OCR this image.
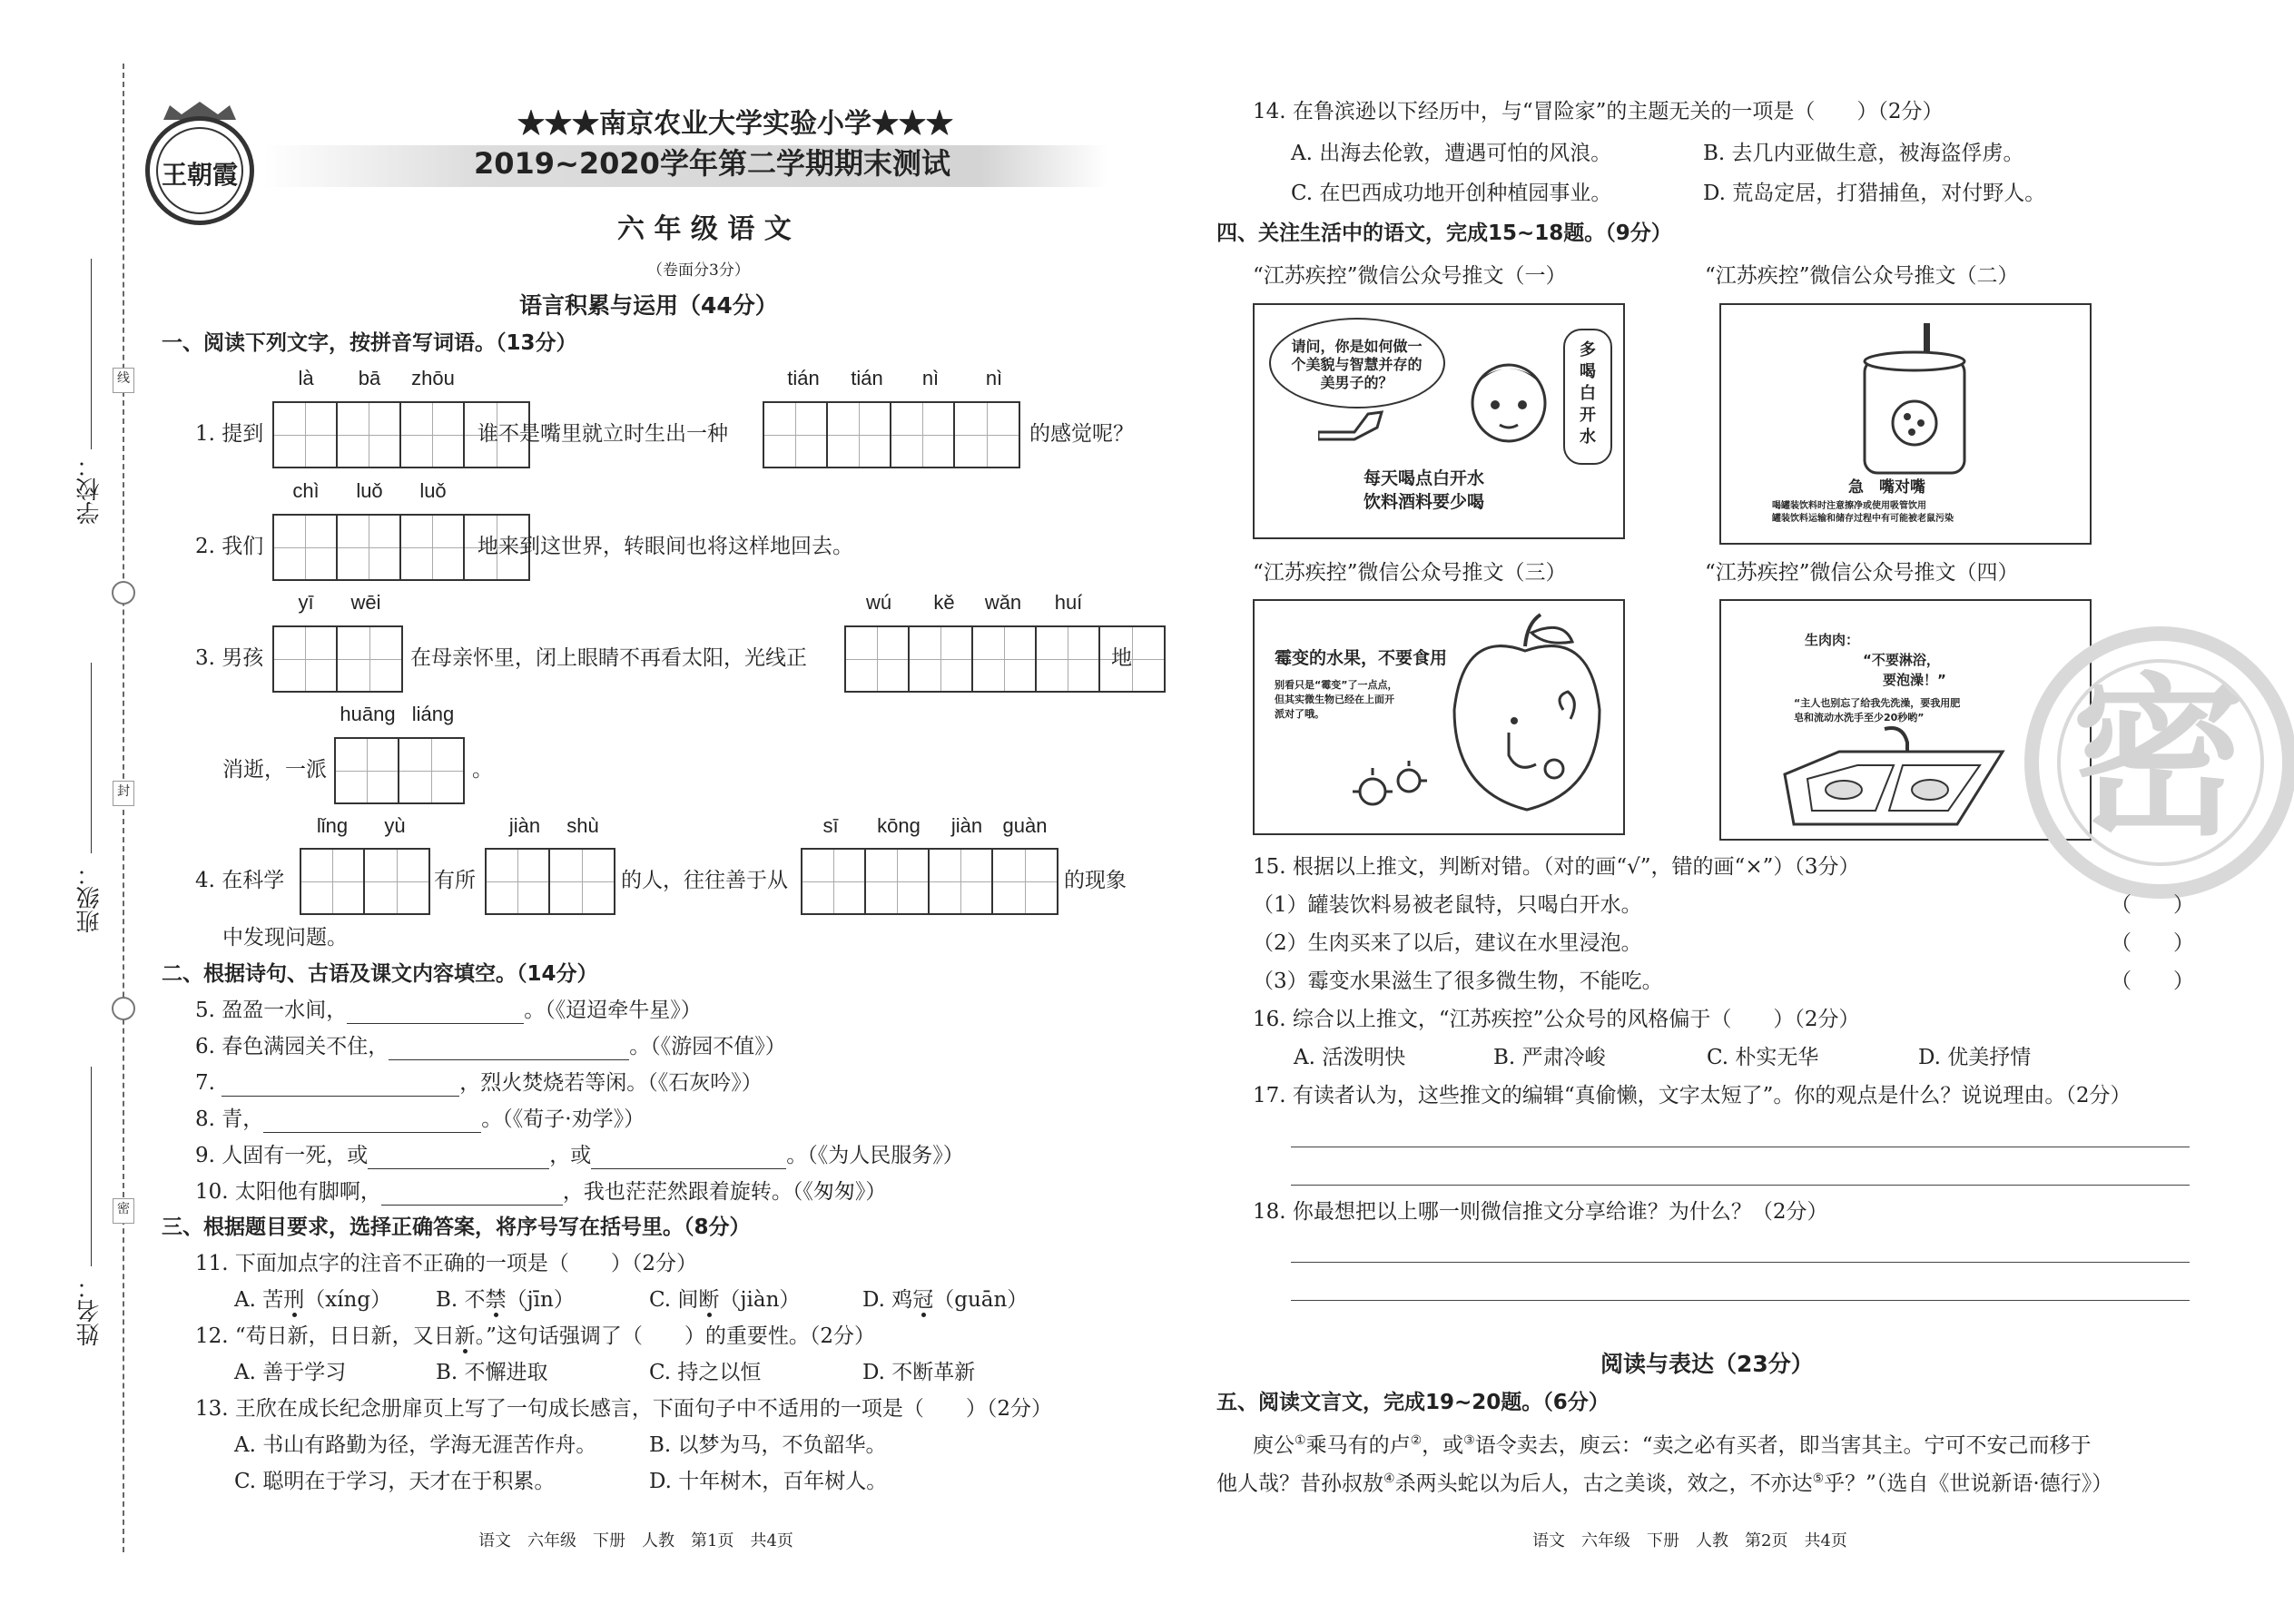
学校：
班级：
姓名：
线
封
密
王朝霞
★★★南京农业大学实验小学★★★
2019~2020学年第二学期期末测试
六 年 级 语 文
（卷面分3分）
语言积累与运用（44分）
一、阅读下列文字，按拼音写词语。（13分）
là	bā	zhōu
1. 提到	谁不是嘴里就立时生出一种
tián	tián	nì	nì
的感觉呢？
chì	luǒ	luǒ
2. 我们	地来到这世界，转眼间也将这样地回去。
yī	wēi
3. 男孩	在母亲怀里，闭上眼睛不再看太阳，光线正
wú	kě	wǎn	huí
地
huāng liáng
消逝，一派	。
lǐng	yù
4. 在科学	有所
jiàn	shù
的人，往往善于从
sī	kōng	jiàn	guàn
的现象
中发现问题。
二、根据诗句、古语及课文内容填空。（14分）
5. 盈盈一水间，	。（《迢迢牵牛星》）
6. 春色满园关不住，	。（《游园不值》）
7.	，烈火焚烧若等闲。（《石灰吟》）
8. 青，	。（《荀子·劝学》）
9. 人固有一死，或	，或	。（《为人民服务》）
10. 太阳他有脚啊，	，我也茫茫然跟着旋转。（《匆匆》）
三、根据题目要求，选择正确答案，将序号写在括号里。（8分）
11. 下面加点字的注音不正确的一项是（　　）（2分）
A. 苦刑（xíng） B. 不禁（jīn）	C. 间断（jiàn）	D. 鸡冠（guān）
12. “苟日新，日日新，又日新。”这句话强调了（　　）的重要性。（2分）
A. 善于学习	B. 不懈进取	C. 持之以恒	D. 不断革新
13. 王欣在成长纪念册扉页上写了一句成长感言，下面句子中不适用的一项是（　　）（2分）
A. 书山有路勤为径，学海无涯苦作舟。	B. 以梦为马，不负韶华。
C. 聪明在于学习，天才在于积累。	D. 十年树木，百年树人。
语文　六年级　下册　人教　第1页　共4页
14. 在鲁滨逊以下经历中，与“冒险家”的主题无关的一项是（　　）（2分）
A. 出海去伦敦，遭遇可怕的风浪。	B. 去几内亚做生意，被海盗俘虏。
C. 在巴西成功地开创种植园事业。	D. 荒岛定居，打猎捕鱼，对付野人。
四、关注生活中的语文，完成15~18题。（9分）
“江苏疾控”微信公众号推文（一）	“江苏疾控”微信公众号推文（二）
请问，你是如何做一个美貌与智慧并存的美男子的？
多喝白开水
每天喝点白开水
饮料酒料要少喝
急　嘴对嘴
喝罐装饮料时注意擦净或使用吸管饮用
罐装饮料运输和储存过程中有可能被老鼠污染
“江苏疾控”微信公众号推文（三）	“江苏疾控”微信公众号推文（四）
霉变的水果，不要食用
别看只是“霉变”了一点点，
但其实微生物已经在上面开
派对了哦。
生肉肉：
“不要淋浴，
要泡澡！”
“主人也别忘了给我先洗澡，要我用肥
皂和流动水洗手至少20秒哟” 密
15. 根据以上推文，判断对错。（对的画“√”，错的画“×”）（3分）
（1）罐装饮料易被老鼠特，只喝白开水。	（　　）
（2）生肉买来了以后，建议在水里浸泡。	（　　）
（3）霉变水果滋生了很多微生物，不能吃。	（　　）
16. 综合以上推文，“江苏疾控”公众号的风格偏于（　　）（2分）
A. 活泼明快	B. 严肃冷峻	C. 朴实无华	D. 优美抒情
17. 有读者认为，这些推文的编辑“真偷懒，文字太短了”。你的观点是什么？说说理由。（2分）
18. 你最想把以上哪一则微信推文分享给谁？为什么？（2分）
阅读与表达（23分）
五、阅读文言文，完成19~20题。（6分）
庾公①乘马有的卢②，或③语令卖去，庾云：“卖之必有买者，即当害其主。宁可不安己而移于
他人哉？昔孙叔敖④杀两头蛇以为后人，古之美谈，效之，不亦达⑤乎？”（选自《世说新语·德行》）
语文　六年级　下册　人教　第2页　共4页
